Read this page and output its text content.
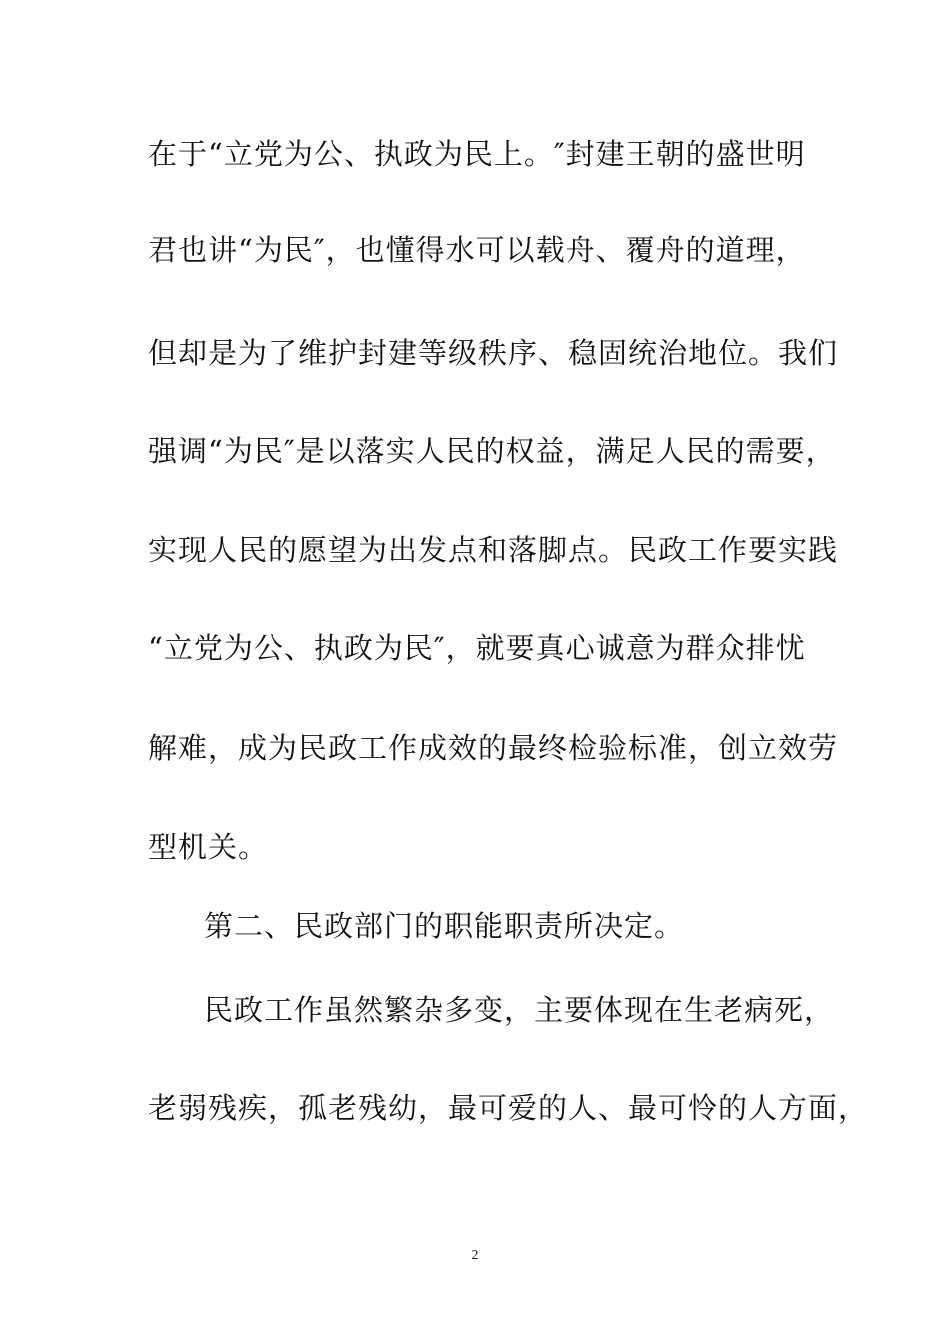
在于“立党为公、执政为民上。″封建王朝的盛世明
君也讲“为民″，也懂得水可以载舟、覆舟的道理，
但却是为了维护封建等级秩序、稳固统治地位。我们
强调“为民″是以落实人民的权益，满足人民的需要，
实现人民的愿望为出发点和落脚点。民政工作要实践
“立党为公、执政为民″，就要真心诚意为群众排忧
解难，成为民政工作成效的最终检验标准，创立效劳
型机关。
第二、民政部门的职能职责所决定。
民政工作虽然繁杂多变，主要体现在生老病死，
老弱残疾，孤老残幼，最可爱的人、最可怜的人方面，
2
